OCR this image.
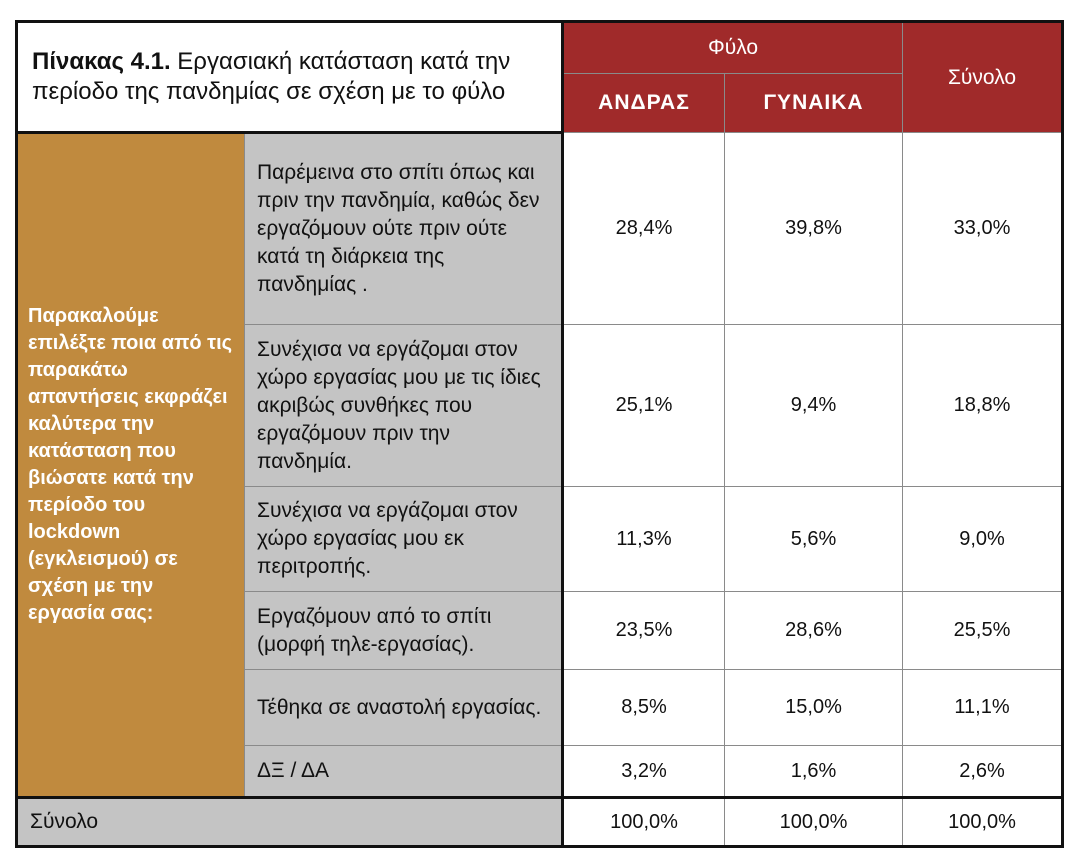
Πίνακας 4.1. Εργασιακή κατάσταση κατά την περίοδο της πανδημίας σε σχέση με το φύλο		Φύλο		Σύνολο
		ΑΝΔΡΑΣ	ΓΥΝΑΙΚΑ	
Παρακαλούμε επιλέξτε ποια από τις παρακάτω απαντήσεις εκφράζει καλύτερα την κατάσταση που βιώσατε κατά την περίοδο του lockdown (εγκλεισμού) σε σχέση με την εργασία σας:	Παρέμεινα στο σπίτι όπως και πριν την πανδημία, καθώς δεν εργαζόμουν ούτε πριν ούτε κατά τη διάρκεια της πανδημίας .	28,4%	39,8%	33,0%
	Συνέχισα να εργάζομαι στον χώρο εργασίας μου με τις ίδιες ακριβώς συνθήκες που εργαζόμουν πριν την πανδημία.	25,1%	9,4%	18,8%
	Συνέχισα να εργάζομαι στον χώρο εργασίας μου εκ περιτροπής.	11,3%	5,6%	9,0%
	Εργαζόμουν από το σπίτι (μορφή τηλε-εργασίας).	23,5%	28,6%	25,5%
	Τέθηκα σε αναστολή εργασίας.	8,5%	15,0%	11,1%
	ΔΞ / ΔΑ	3,2%	1,6%	2,6%
Σύνολο		100,0%	100,0%	100,0%
